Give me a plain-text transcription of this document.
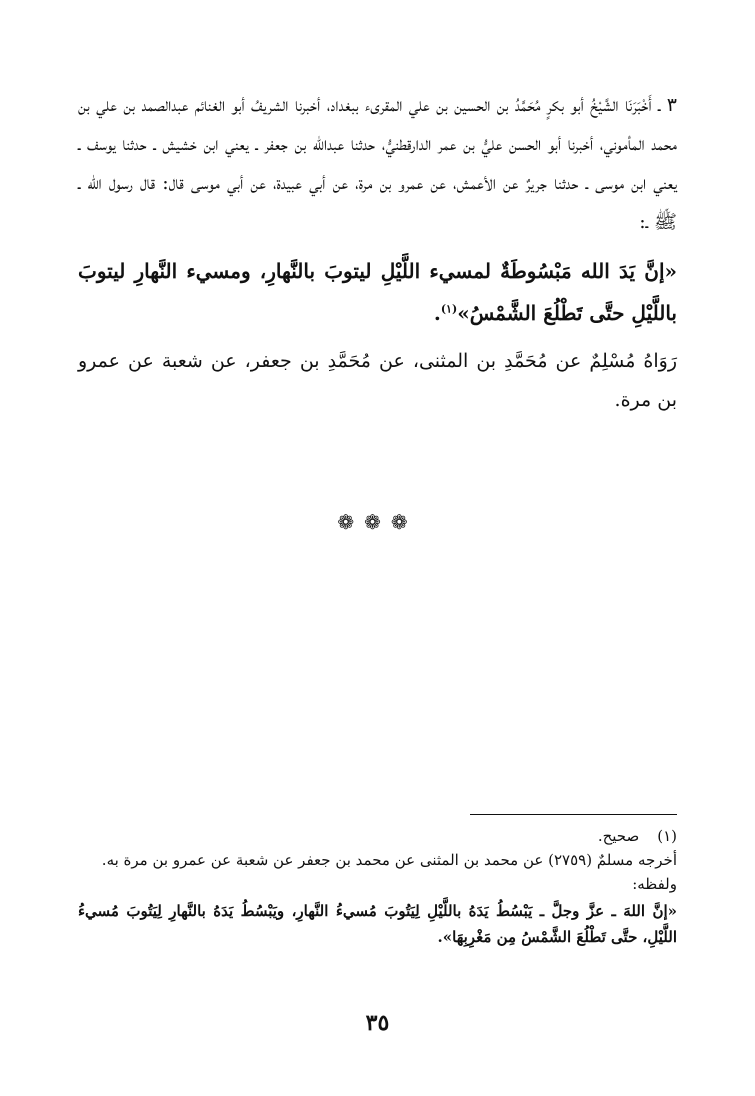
٣ ـ أَخْبَرَنَا الشَّيْخُ أبو بكرٍ مُحَمَّدُ بن الحسين بن علي المقرىء ببغداد، أخبرنا الشريفُ أبو الغنائم عبدالصمد بن علي بن محمد المأموني، أخبرنا أبو الحسن عليُّ بن عمر الدارقطنيُّ، حدثنا عبدالله بن جعفر ـ يعني ابن خشيش ـ حدثنا يوسف ـ يعني ابن موسى ـ حدثنا جريرٌ عن الأعمش، عن عمرو بن مرة، عن أبي عبيدة، عن أبي موسى قال: قال رسول الله ـ ﷺ ـ:

«إنَّ يَدَ الله مَبْسُوطَةٌ لمسيء اللَّيْلِ ليتوبَ بالنَّهارِ، ومسيء النَّهارِ ليتوبَ باللَّيْلِ حتَّى تَطْلُعَ الشَّمْسُ»$^{(١)}$.

رَوَاهُ مُسْلِمٌ عن مُحَمَّدِ بن المثنى، عن مُحَمَّدِ بن جعفر، عن شعبة عن عمرو بن مرة.

❁❁❁

(١)صحيح.

أخرجه مسلمٌ (٢٧٥٩) عن محمد بن المثنى عن محمد بن جعفر عن شعبة عن عمرو بن مرة به.

ولفظه:

«إنَّ اللهَ ـ عزَّ وجلَّ ـ يَبْسُطُ يَدَهُ باللَّيْلِ لِيَتُوبَ مُسيءُ النَّهارِ، ويَبْسُطُ يَدَهُ بالنَّهارِ لِيَتُوبَ مُسيءُ اللَّيْلِ، حتَّى تَطْلُعَ الشَّمْسُ مِن مَغْرِبِهَا».

٣٥
